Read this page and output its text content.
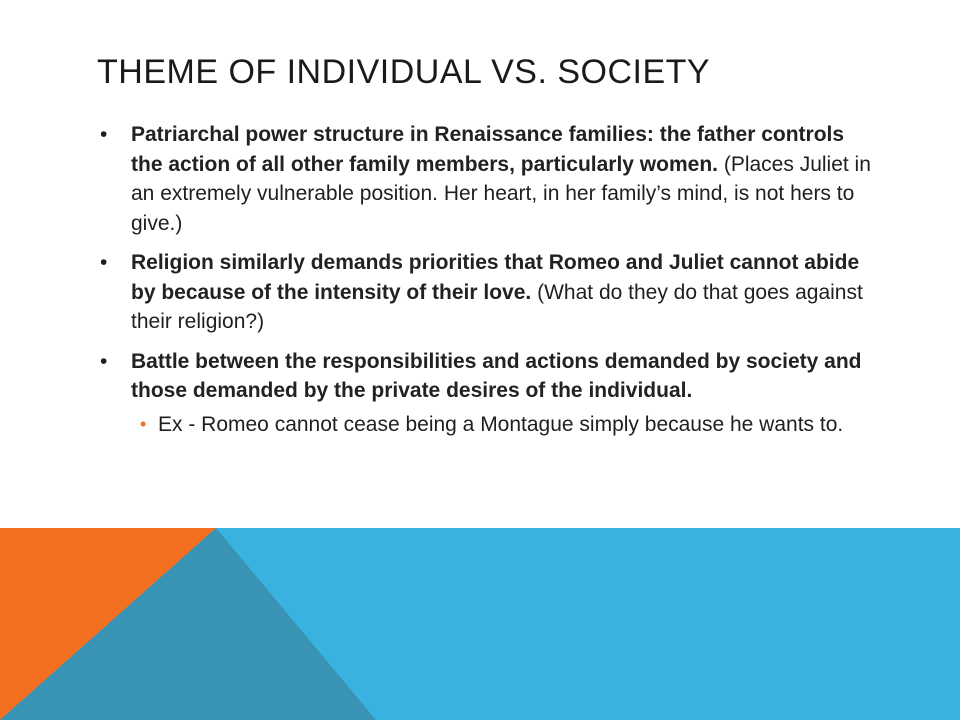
THEME OF INDIVIDUAL VS. SOCIETY
• Patriarchal power structure in Renaissance families: the father controls the action of all other family members, particularly women. (Places Juliet in an extremely vulnerable position. Her heart, in her family’s mind, is not hers to give.)
• Religion similarly demands priorities that Romeo and Juliet cannot abide by because of the intensity of their love. (What do they do that goes against their religion?)
• Battle between the responsibilities and actions demanded by society and those demanded by the private desires of the individual.
• Ex - Romeo cannot cease being a Montague simply because he wants to.
